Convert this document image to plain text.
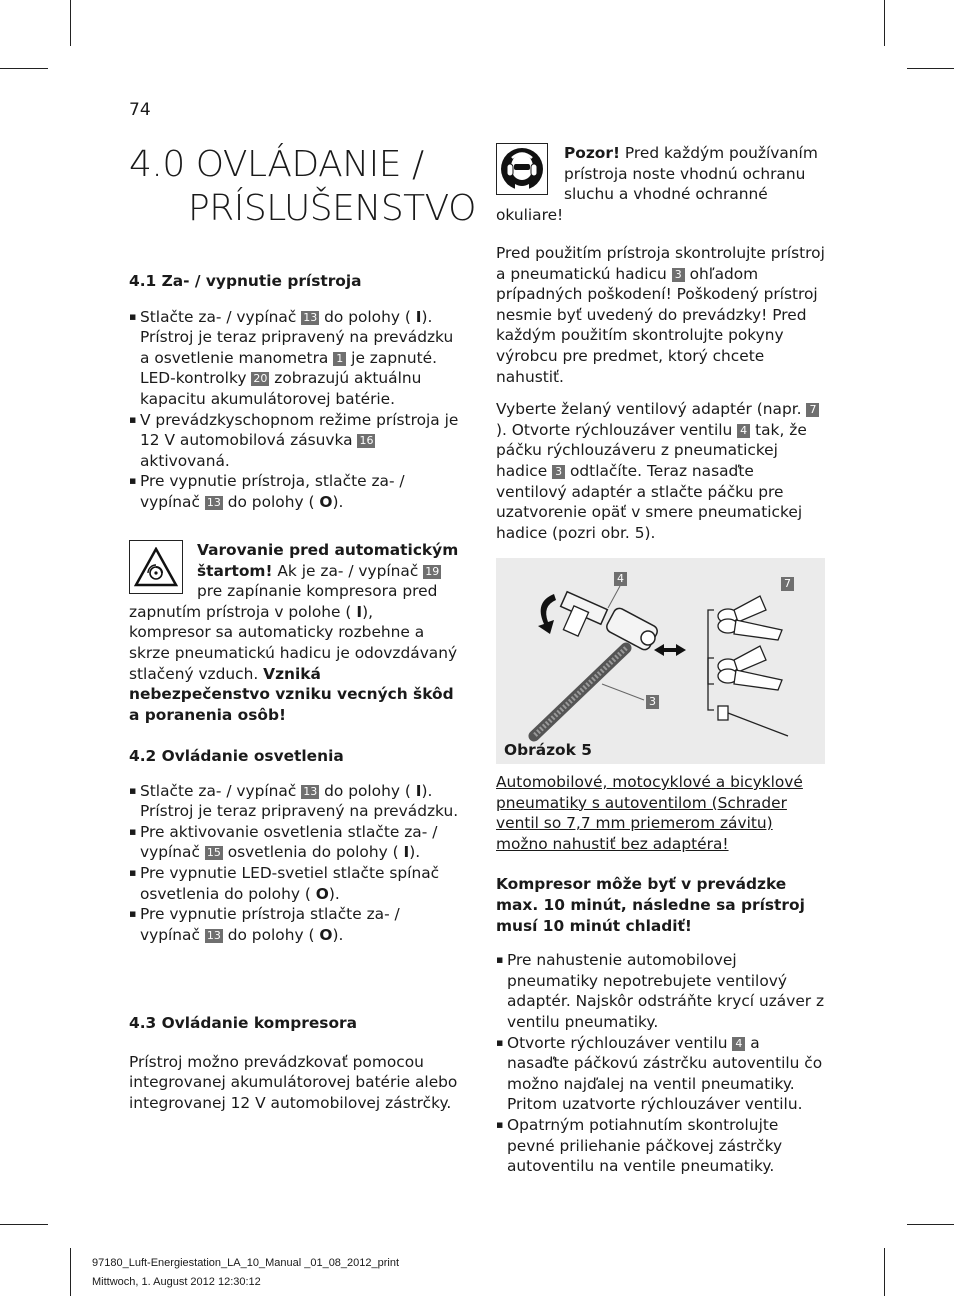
74
4.0 OVLÁDANIE /
PRÍSLUŠENSTVO
4.1 Za- / vypnutie prístroja
▪ Stlačte za- / vypínač 13 do polohy ( I). Prístroj je teraz pripravený na prevádzku a osvetlenie manometra 1 je zapnuté. LED-kontrolky 20 zobrazujú aktuálnu kapacitu akumulátorovej batérie.
▪ V prevádzkyschopnom režime prístroja je 12 V automobilová zásuvka 16 aktivovaná.
▪ Pre vypnutie prístroja, stlačte za- / vypínač 13 do polohy ( O).

Varovanie pred automatickým štartom! Ak je za- / vypínač 19 pre zapínanie kompresora pred zapnutím prístroja v polohe ( I), kompresor sa automaticky rozbehne a skrze pneumatickú hadicu je odovzdávaný stlačený vzduch. Vzniká nebezpečenstvo vzniku vecných škôd a poranenia osôb!

4.2 Ovládanie osvetlenia
▪ Stlačte za- / vypínač 13 do polohy ( I). Prístroj je teraz pripravený na prevádzku.
▪ Pre aktivovanie osvetlenia stlačte za- / vypínač 15 osvetlenia do polohy ( I).
▪ Pre vypnutie LED-svetiel stlačte spínač osvetlenia do polohy ( O).
▪ Pre vypnutie prístroja stlačte za- / vypínač 13 do polohy ( O).
4.3 Ovládanie kompresora

Prístroj možno prevádzkovať pomocou integrovanej akumulátorovej batérie alebo integrovanej 12 V automobilovej zástrčky.

Pozor! Pred každým používaním prístroja noste vhodnú ochranu sluchu a vhodné ochranné okuliare!

Pred použitím prístroja skontrolujte prístroj a pneumatickú hadicu 3 ohľadom prípadných poškodení! Poškodený prístroj nesmie byť uvedený do prevádzky! Pred každým použitím skontrolujte pokyny výrobcu pre predmet, ktorý chcete nahustiť.

Vyberte želaný ventilový adaptér (napr. 7 ). Otvorte rýchlouzáver ventilu 4 tak, že páčku rýchlouzáveru z pneumatickej hadice 3 odtlačíte. Teraz nasaďte ventilový adaptér a stlačte páčku pre uzatvorenie opäť v smere pneumatickej hadice (pozri obr. 5).

4	7
3
Obrázok 5

Automobilové, motocyklové a bicyklové pneumatiky s autoventilom (Schrader ventil so 7,7 mm priemerom závitu) možno nahustiť bez adaptéra!

Kompresor môže byť v prevádzke max. 10 minút, následne sa prístroj musí 10 minút chladiť!

▪ Pre nahustenie automobilovej pneumatiky nepotrebujete ventilový adaptér. Najskôr odstráňte krycí uzáver z ventilu pneumatiky.
▪ Otvorte rýchlouzáver ventilu 4 a nasaďte páčkovú zástrčku autoventilu čo možno najďalej na ventil pneumatiky. Pritom uzatvorte rýchlouzáver ventilu.
▪ Opatrným potiahnutím skontrolujte pevné priliehanie páčkovej zástrčky autoventilu na ventile pneumatiky.
97180_Luft-Energiestation_LA_10_Manual _01_08_2012_print
Mittwoch, 1. August 2012 12:30:12
